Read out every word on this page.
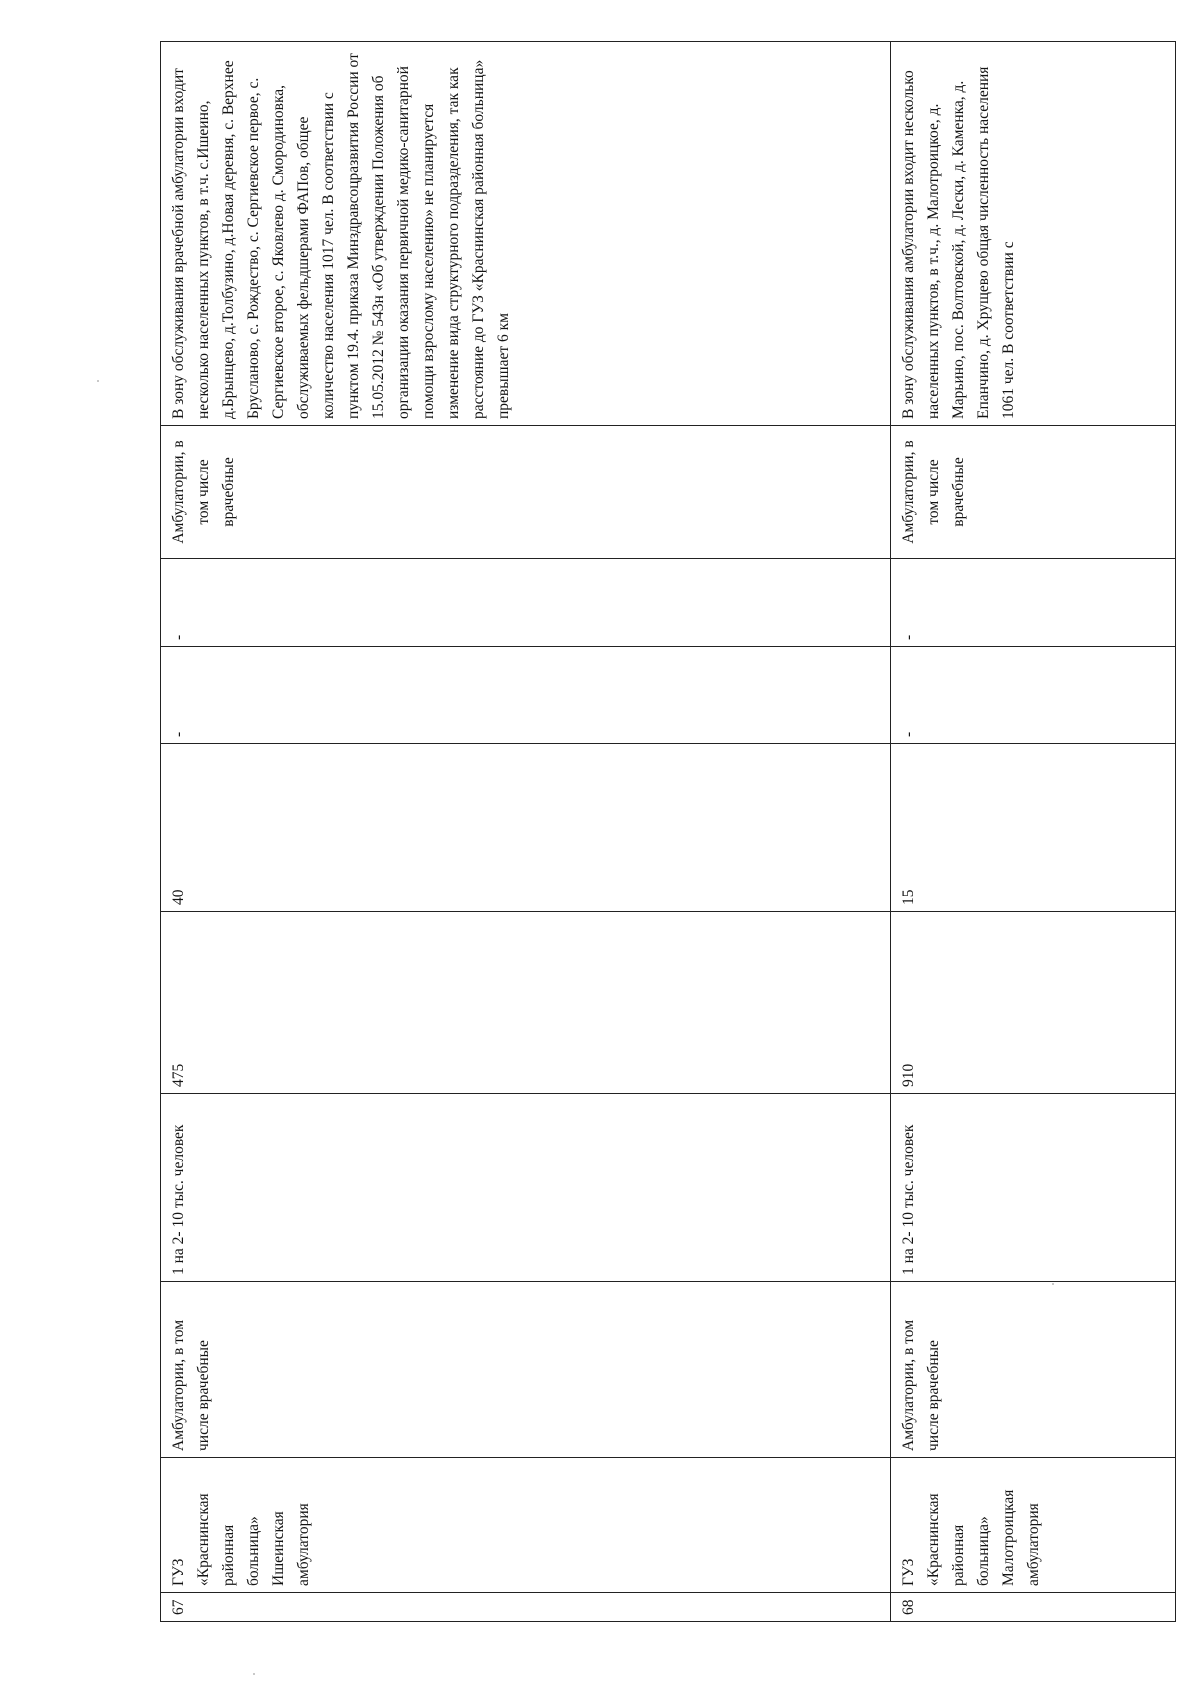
67	ГУЗ «Краснинская районная больница» Ишеинская амбулатория	Амбулатории, в том числе врачебные	1 на 2- 10 тыс. человек	475	40	-	-	Амбулатории, в том числе врачебные	В зону обслуживания врачебной амбулатории входит несколько населенных пунктов, в т.ч. с.Ишеино, д.Брынцево, д.Толбузино, д.Новая деревня, с. Верхнее Брусланово, с. Рождество, с. Сергиевское первое, с. Сергиевское второе, с. Яковлево д. Смородиновка, обслуживаемых фельдшерами ФАПов, общее количество населения 1017 чел. В соответствии с пунктом 19.4. приказа Минздравсоцразвития России от 15.05.2012 № 543н «Об утверждении Положения об организации оказания первичной медико-санитарной помощи взрослому населению» не планируется изменение вида структурного подразделения, так как расстояние до ГУЗ «Краснинская районная больница» превышает 6 км
68	ГУЗ «Краснинская районная больница» Малотроицкая амбулатория	Амбулатории, в том числе врачебные	1 на 2- 10 тыс. человек	910	15	-	-	Амбулатории, в том числе врачебные	В зону обслуживания амбулатории входит несколько населенных пунктов, в т.ч., д. Малотроицкое, д. Марьино, пос. Волтовской, д. Лески, д. Каменка, д. Епанчино, д. Хрущево общая численность населения 1061 чел. В соответствии с
